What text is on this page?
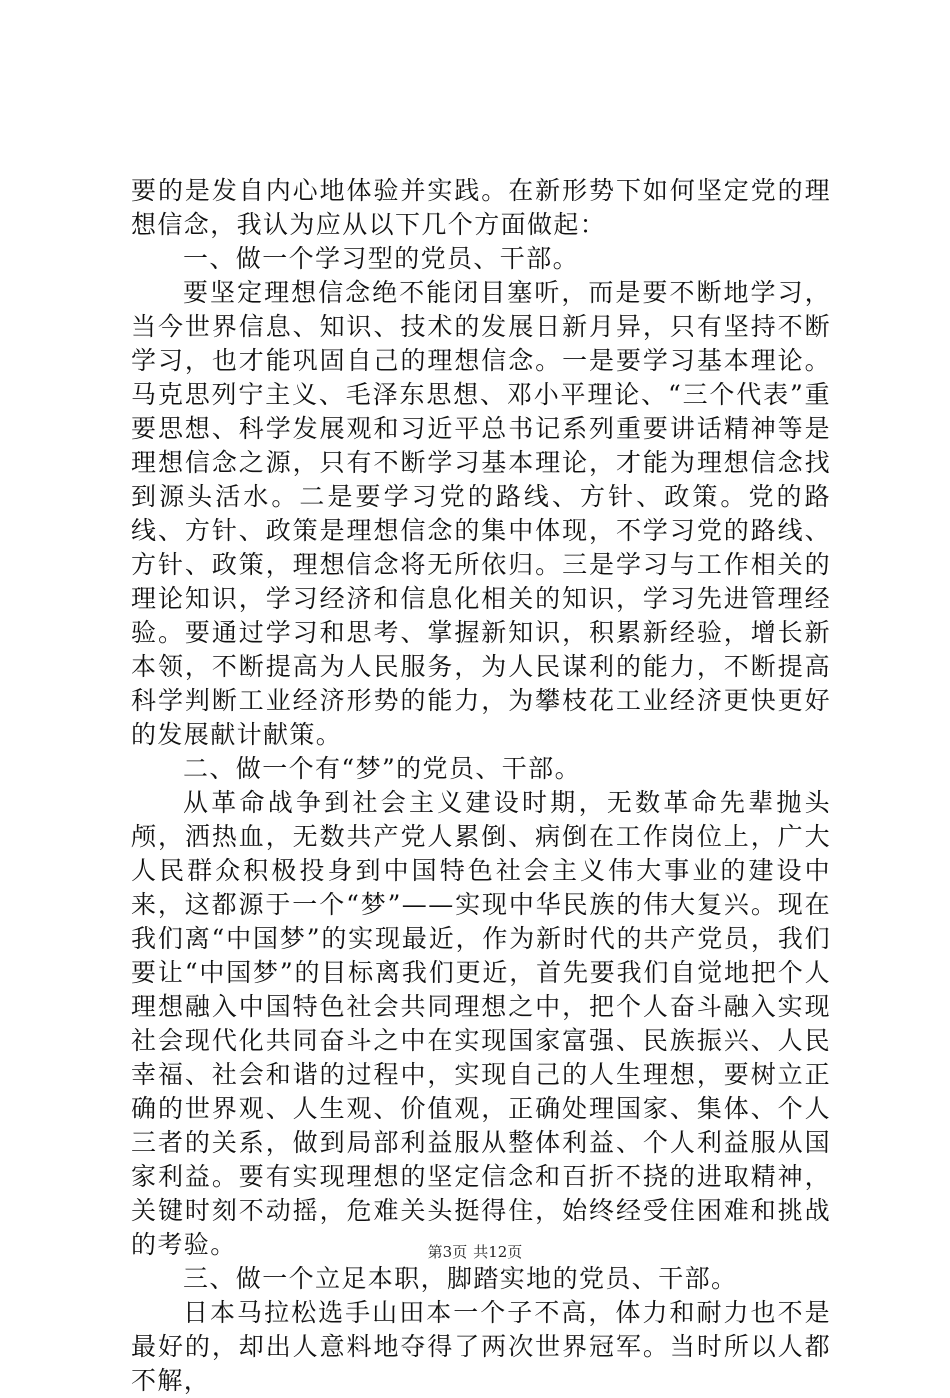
要的是发自内心地体验并实践。在新形势下如何坚定党的理想信念，我认为应从以下几个方面做起：

一、做一个学习型的党员、干部。

要坚定理想信念绝不能闭目塞听，而是要不断地学习，当今世界信息、知识、技术的发展日新月异，只有坚持不断学习，也才能巩固自己的理想信念。一是要学习基本理论。马克思列宁主义、毛泽东思想、邓小平理论、“三个代表”重要思想、科学发展观和习近平总书记系列重要讲话精神等是理想信念之源，只有不断学习基本理论，才能为理想信念找到源头活水。二是要学习党的路线、方针、政策。党的路线、方针、政策是理想信念的集中体现，不学习党的路线、方针、政策，理想信念将无所依归。三是学习与工作相关的理论知识，学习经济和信息化相关的知识，学习先进管理经验。要通过学习和思考、掌握新知识，积累新经验，增长新本领，不断提高为人民服务，为人民谋利的能力，不断提高科学判断工业经济形势的能力，为攀枝花工业经济更快更好的发展献计献策。

二、做一个有“梦”的党员、干部。

从革命战争到社会主义建设时期，无数革命先辈抛头颅，洒热血，无数共产党人累倒、病倒在工作岗位上，广大人民群众积极投身到中国特色社会主义伟大事业的建设中来，这都源于一个“梦”——实现中华民族的伟大复兴。现在我们离“中国梦”的实现最近，作为新时代的共产党员，我们要让“中国梦”的目标离我们更近，首先要我们自觉地把个人理想融入中国特色社会共同理想之中，把个人奋斗融入实现社会现代化共同奋斗之中在实现国家富强、民族振兴、人民幸福、社会和谐的过程中，实现自己的人生理想，要树立正确的世界观、人生观、价值观，正确处理国家、集体、个人三者的关系，做到局部利益服从整体利益、个人利益服从国家利益。要有实现理想的坚定信念和百折不挠的进取精神，关键时刻不动摇，危难关头挺得住，始终经受住困难和挑战的考验。

三、做一个立足本职，脚踏实地的党员、干部。

日本马拉松选手山田本一个子不高，体力和耐力也不是最好的，却出人意料地夺得了两次世界冠军。当时所以人都不解，

第3页 共12页
